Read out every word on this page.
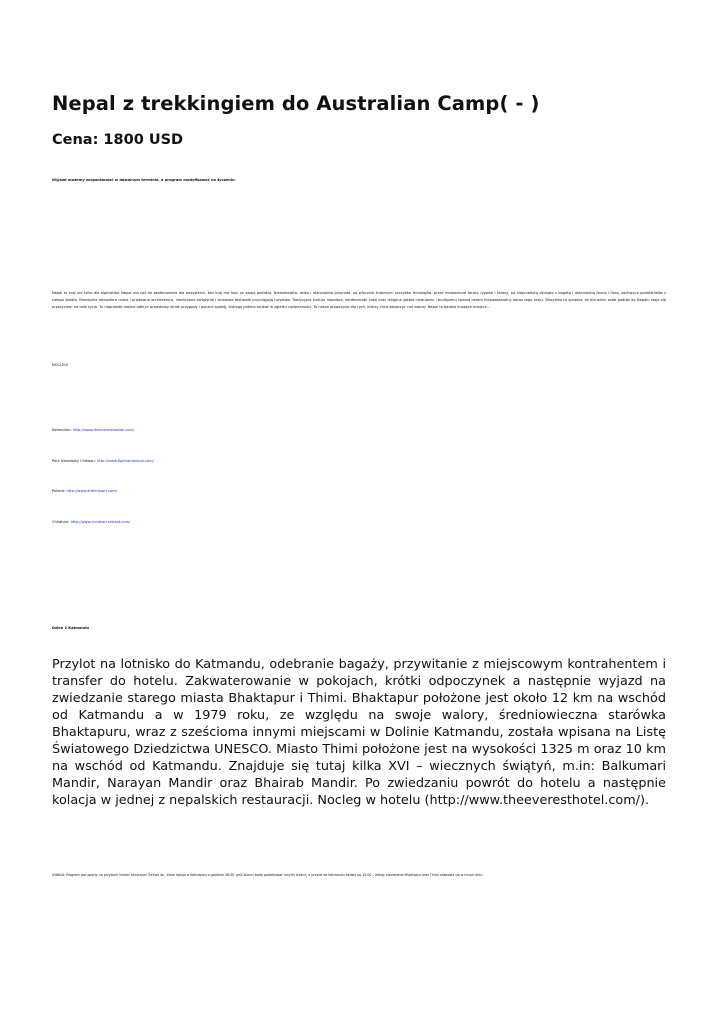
Nepal z trekkingiem do Australian Camp( - )
Cena: 1800 USD
Wyjazd możemy zorganizować w dowolnym terminie, a program modyfikować na życzenie.
Nepal to kraj nie tylko dla alpinistów. Nepal ma coś do zaoferowania dla wszystkich, bez kraj ma moc ze swoją podróżą. Niesamowita, dzika i różnorodna przyroda, od wiecznie śnieżnych szczytów Himalajów, przez malownicze tarasy ryżowe i tarasy, po nieprzebytą dżunglę z bogatą i różnorodną fauną i florą, zachwyca podróżników z całego świata. Niezwykła atmosfera miast i pradawna architektura, niezliczone świątynie i kolorowe festiwale przyciągają turystów. Tradycyjna kultura nepalska, serdeczność ludzi oraz religijna głębia hinduizmu i buddyzmu tworzą razem niepowtarzalny obraz tego kraju. Wszystko to sprawia, że dla wielu osób podróż do Nepalu staje się przeżyciem na całe życie. Tu naprawdę można odkryć prawdziwy smak przygody i poczuć spokój, którego próżno szukać w zgiełku codzienności. To nasza propozycja dla tych, którzy chcą zobaczyć coś więcej. Nepal to bardzo kuszące miejsce...
NOCLEGI
Katmandu: http://www.theeverestheotel.com/
Park Narodowy Chitwan: http://www.tigerlandnepal.com/
Pokara: http://www.atithiresort.com/
Chhahari: http://www.chhahari.retreat.com/
Dzień 1 Katmandu

Przylot na lotnisko do Katmandu, odebranie bagaży, przywitanie z miejscowym kontrahentem i transfer do hotelu. Zakwaterowanie w pokojach, krótki odpoczynek a następnie wyjazd na zwiedzanie starego miasta Bhaktapur i Thimi. Bhaktapur położone jest około 12 km na wschód od Katmandu a w 1979 roku, ze względu na swoje walory, średniowieczna starówka Bhaktapuru, wraz z sześcioma innymi miejscami w Dolinie Katmandu, została wpisana na Listę Światowego Dziedzictwa UNESCO. Miasto Thimi położone jest na wysokości 1325 m oraz 10 km na wschód od Katmandu. Znajduje się tutaj kilka XVI – wiecznych świątyń, m.in: Balkumari Mandir, Narayan Mandir oraz Bhairab Mandir. Po zwiedzaniu powrót do hotelu a następnie kolacja w jednej z nepalskich restauracji. Nocleg w hotelu (http://www.theeveresthotel.com/).

UWAGA: Program jest oparty na przylocie liniami lotniczymi Turkish Air, które lądują w Katmandu o godzinie 08:30. Jeśli klienci będą podróżować innymi liniami, a przylot do Katmandu będzie po 15:00 – wtedy zwiedzanie Bhaktapur oraz Thimi odbędzie się w innym dniu.
